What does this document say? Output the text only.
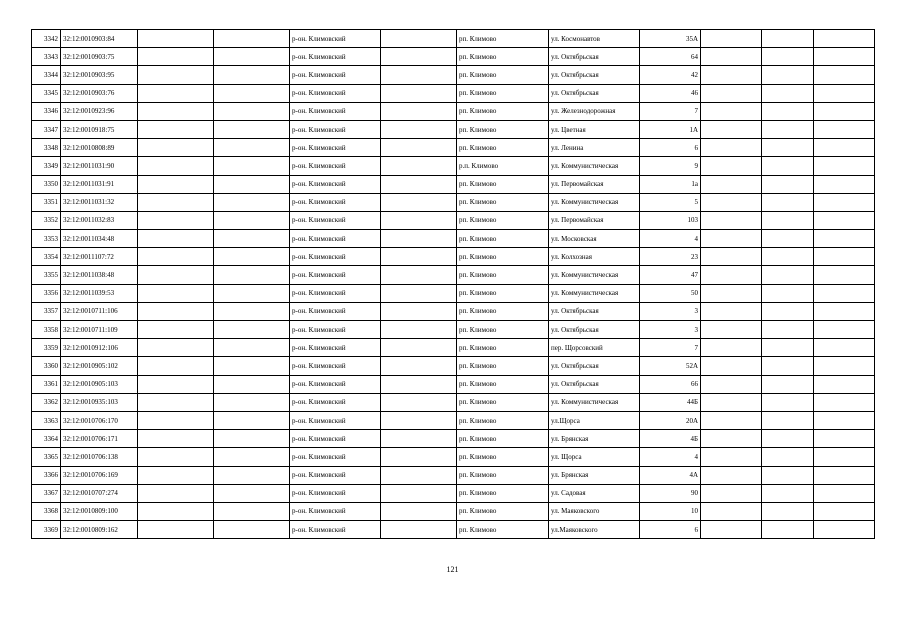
3342	32:12:0010903:84			р-он. Климовский		рп. Климово	ул. Космонавтов	35А			
3343	32:12:0010903:75			р-он. Климовский		рп. Климово	ул. Октябрьская	64			
3344	32:12:0010903:95			р-он. Климовский		рп. Климово	ул. Октябрьская	42			
3345	32:12:0010903:76			р-он. Климовский		рп. Климово	ул. Октябрьская	46			
3346	32:12:0010923:96			р-он. Климовский		рп. Климово	ул. Железнодорожная	7			
3347	32:12:0010918:75			р-он. Климовский		рп. Климово	ул. Цветная	1А			
3348	32:12:0010808:89			р-он. Климовский		рп. Климово	ул. Ленина	6			
3349	32:12:0011031:90			р-он. Климовский		р.п. Климово	ул. Коммунистическая	9			
3350	32:12:0011031:91			р-он. Климовский		рп. Климово	ул. Первомайская	1a			
3351	32:12:0011031:32			р-он. Климовский		рп. Климово	ул. Коммунистическая	5			
3352	32:12:0011032:83			р-он. Климовский		рп. Климово	ул. Первомайская	103			
3353	32:12:0011034:48			р-он. Климовский		рп. Климово	ул. Московская	4			
3354	32:12:0011107:72			р-он. Климовский		рп. Климово	ул. Колхозная	23			
3355	32:12:0011038:48			р-он. Климовский		рп. Климово	ул. Коммунистическая	47			
3356	32:12:0011039:53			р-он. Климовский		рп. Климово	ул. Коммунистическая	50			
3357	32:12:0010711:106			р-он. Климовский		рп. Климово	ул. Октябрьская	3			
3358	32:12:0010711:109			р-он. Климовский		рп. Климово	ул. Октябрьская	3			
3359	32:12:0010912:106			р-он. Климовский		рп. Климово	пер. Щорсовский	7			
3360	32:12:0010905:102			р-он. Климовский		рп. Климово	ул. Октябрьская	52А			
3361	32:12:0010905:103			р-он. Климовский		рп. Климово	ул. Октябрьская	66			
3362	32:12:0010935:103			р-он. Климовский		рп. Климово	ул. Коммунистическая	44Б			
3363	32:12:0010706:170			р-он. Климовский		рп. Климово	ул.Щорса	20А			
3364	32:12:0010706:171			р-он. Климовский		рп. Климово	ул. Брянская	4Б			
3365	32:12:0010706:138			р-он. Климовский		рп. Климово	ул. Щорса	4			
3366	32:12:0010706:169			р-он. Климовский		рп. Климово	ул. Брянская	4А			
3367	32:12:0010707:274			р-он. Климовский		рп. Климово	ул. Садовая	90			
3368	32:12:0010809:100			р-он. Климовский		рп. Климово	ул. Маяковского	10			
3369	32:12:0010809:162			р-он. Климовский		рп. Климово	ул.Маяковского	6			
121
